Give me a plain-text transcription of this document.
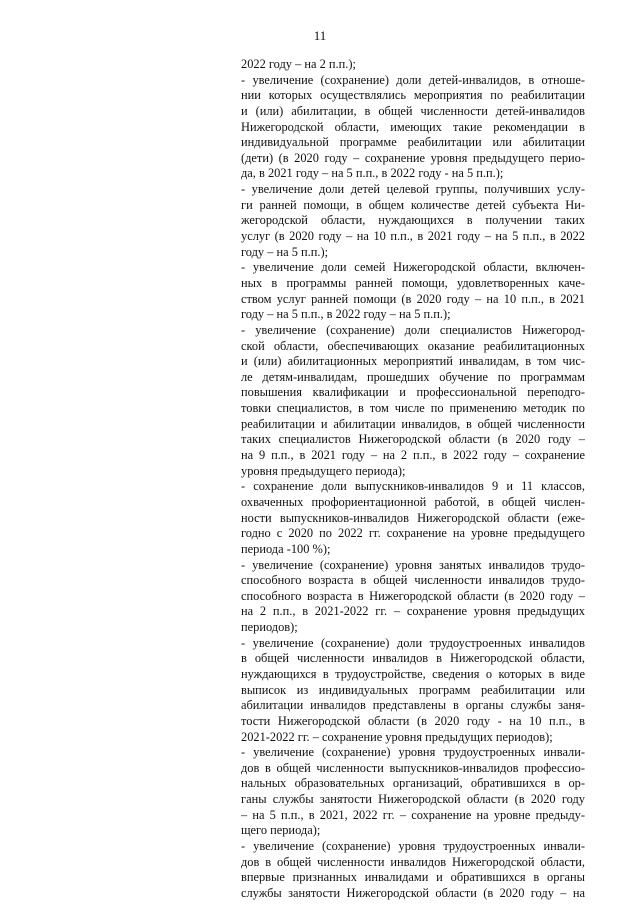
11
2022 году – на 2 п.п.);
- увеличение (сохранение) доли детей-инвалидов, в отноше-
нии которых осуществлялись мероприятия по реабилитации
и (или) абилитации, в общей численности детей-инвалидов
Нижегородской области, имеющих такие рекомендации в
индивидуальной программе реабилитации или абилитации
(дети) (в 2020 году – сохранение уровня предыдущего перио-
да, в 2021 году – на 5 п.п., в 2022 году - на 5 п.п.);
- увеличение доли детей целевой группы, получивших услу-
ги ранней помощи, в общем количестве детей субъекта Ни-
жегородской области, нуждающихся в получении таких
услуг (в 2020 году – на 10 п.п., в 2021 году – на 5 п.п., в 2022
году – на 5 п.п.);
- увеличение доли семей Нижегородской области, включен-
ных в программы ранней помощи, удовлетворенных каче-
ством услуг ранней помощи (в 2020 году – на 10 п.п., в 2021
году – на 5 п.п., в 2022 году – на 5 п.п.);
- увеличение (сохранение) доли специалистов Нижегород-
ской области, обеспечивающих оказание реабилитационных
и (или) абилитационных мероприятий инвалидам, в том чис-
ле детям-инвалидам, прошедших обучение по программам
повышения квалификации и профессиональной переподго-
товки специалистов, в том числе по применению методик по
реабилитации и абилитации инвалидов, в общей численности
таких специалистов Нижегородской области (в 2020 году –
на 9 п.п., в 2021 году – на 2 п.п., в 2022 году – сохранение
уровня предыдущего периода);
- сохранение доли выпускников-инвалидов 9 и 11 классов,
охваченных профориентационной работой, в общей числен-
ности выпускников-инвалидов Нижегородской области (еже-
годно с 2020 по 2022 гг. сохранение на уровне предыдущего
периода -100 %);
- увеличение (сохранение) уровня занятых инвалидов трудо-
способного возраста в общей численности инвалидов трудо-
способного возраста в Нижегородской области (в 2020 году –
на 2 п.п., в 2021-2022 гг. – сохранение уровня предыдущих
периодов);
- увеличение (сохранение) доли трудоустроенных инвалидов
в общей численности инвалидов в Нижегородской области,
нуждающихся в трудоустройстве, сведения о которых в виде
выписок из индивидуальных программ реабилитации или
абилитации инвалидов представлены в органы службы заня-
тости Нижегородской области (в 2020 году - на 10 п.п., в
2021-2022 гг. – сохранение уровня предыдущих периодов);
- увеличение (сохранение) уровня трудоустроенных инвали-
дов в общей численности выпускников-инвалидов профессио-
нальных образовательных организаций, обратившихся в ор-
ганы службы занятости Нижегородской области (в 2020 году
– на 5 п.п., в 2021, 2022 гг. – сохранение на уровне предыду-
щего периода);
- увеличение (сохранение) уровня трудоустроенных инвали-
дов в общей численности инвалидов Нижегородской области,
впервые признанных инвалидами и обратившихся в органы
службы занятости Нижегородской области (в 2020 году – на
